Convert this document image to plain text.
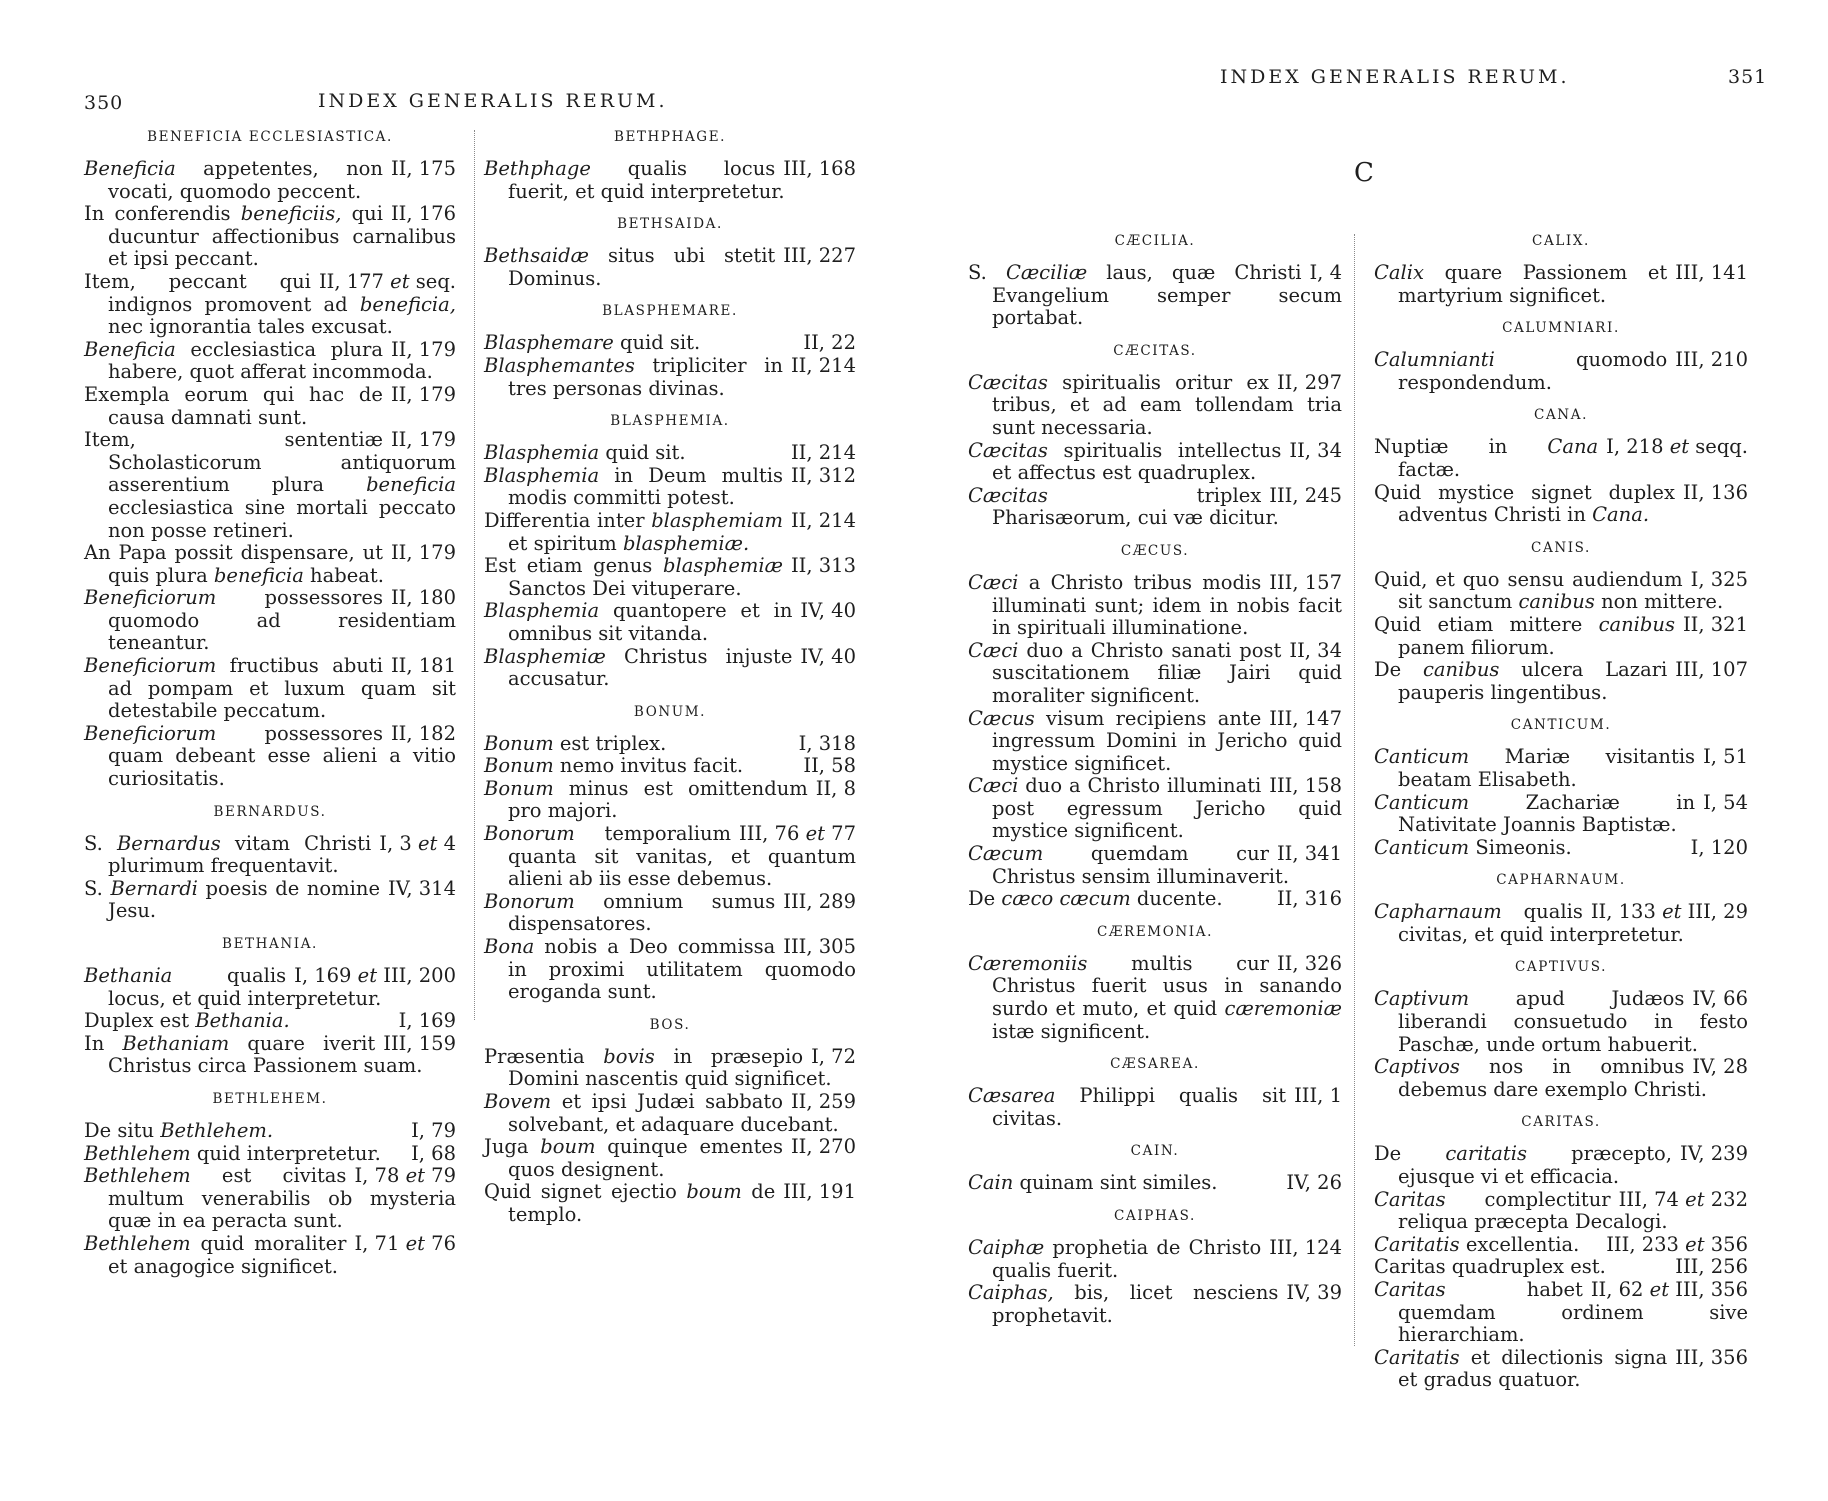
350	INDEX GENERALIS RERUM.
BENEFICIA ECCLESIASTICA.
II, 175
Beneficia appetentes, non vocati, quomodo peccent.
II, 176
In conferendis beneficiis, qui ducuntur affectionibus carnalibus et ipsi peccant.
II, 177 et seq.
Item, peccant qui indignos promovent ad beneficia, nec ignorantia tales excusat.
II, 179
Beneficia ecclesiastica plura habere, quot afferat incommoda.
II, 179
Exempla eorum qui hac de causa damnati sunt.
II, 179
Item, sententiæ Scholasticorum antiquorum asserentium plura beneficia ecclesiastica sine mortali peccato non posse retineri.
II, 179
An Papa possit dispensare, ut quis plura beneficia habeat.
II, 180
Beneficiorum possessores quomodo ad residentiam teneantur.
II, 181
Beneficiorum fructibus abuti ad pompam et luxum quam sit detestabile peccatum.
II, 182
Beneficiorum possessores quam debeant esse alieni a vitio curiositatis.
BERNARDUS.
I, 3 et 4
S. Bernardus vitam Christi plurimum frequentavit.
IV, 314
S. Bernardi poesis de nomine Jesu.
BETHANIA.
I, 169 et III, 200
Bethania qualis locus, et quid interpretetur.
I, 169
Duplex est Bethania.
III, 159
In Bethaniam quare iverit Christus circa Passionem suam.
BETHLEHEM.
I, 79
De situ Bethlehem.
I, 68
Bethlehem quid interpretetur.
I, 78 et 79
Bethlehem est civitas multum venerabilis ob mysteria quæ in ea peracta sunt.
I, 71 et 76
Bethlehem quid moraliter et anagogice significet.
BETHPHAGE.
III, 168
Bethphage qualis locus fuerit, et quid interpretetur.
BETHSAIDA.
III, 227
Bethsaidæ situs ubi stetit Dominus.
BLASPHEMARE.
II, 22
Blasphemare quid sit.
II, 214
Blasphemantes tripliciter in tres personas divinas.
BLASPHEMIA.
II, 214
Blasphemia quid sit.
II, 312
Blasphemia in Deum multis modis committi potest.
II, 214
Differentia inter blasphemiam et spiritum blasphemiæ.
II, 313
Est etiam genus blasphemiæ Sanctos Dei vituperare.
IV, 40
Blasphemia quantopere et in omnibus sit vitanda.
IV, 40
Blasphemiæ Christus injuste accusatur.
BONUM.
I, 318
Bonum est triplex.
II, 58
Bonum nemo invitus facit.
II, 8
Bonum minus est omittendum pro majori.
III, 76 et 77
Bonorum temporalium quanta sit vanitas, et quantum alieni ab iis esse debemus.
III, 289
Bonorum omnium sumus dispensatores.
III, 305
Bona nobis a Deo commissa in proximi utilitatem quomodo eroganda sunt.
BOS.
I, 72
Præsentia bovis in præsepio Domini nascentis quid significet.
II, 259
Bovem et ipsi Judæi sabbato solvebant, et adaquare ducebant.
II, 270
Juga boum quinque ementes quos designent.
III, 191
Quid signet ejectio boum de templo.
INDEX GENERALIS RERUM.	351
C
CÆCILIA.
I, 4
S. Cæciliæ laus, quæ Christi Evangelium semper secum portabat.
CÆCITAS.
II, 297
Cæcitas spiritualis oritur ex tribus, et ad eam tollendam tria sunt necessaria.
II, 34
Cæcitas spiritualis intellectus et affectus est quadruplex.
III, 245
Cæcitas triplex Pharisæorum, cui væ dicitur.
CÆCUS.
III, 157
Cæci a Christo tribus modis illuminati sunt; idem in nobis facit in spirituali illuminatione.
II, 34
Cæci duo a Christo sanati post suscitationem filiæ Jairi quid moraliter significent.
III, 147
Cæcus visum recipiens ante ingressum Domini in Jericho quid mystice significet.
III, 158
Cæci duo a Christo illuminati post egressum Jericho quid mystice significent.
II, 341
Cæcum quemdam cur Christus sensim illuminaverit.
II, 316
De cæco cæcum ducente.
CÆREMONIA.
II, 326
Cæremoniis multis cur Christus fuerit usus in sanando surdo et muto, et quid cæremoniæ istæ significent.
CÆSAREA.
III, 1
Cæsarea Philippi qualis sit civitas.
CAIN.
IV, 26
Cain quinam sint similes.
CAIPHAS.
III, 124
Caiphæ prophetia de Christo qualis fuerit.
IV, 39
Caiphas, bis, licet nesciens prophetavit.
CALIX.
III, 141
Calix quare Passionem et martyrium significet.
CALUMNIARI.
III, 210
Calumnianti quomodo respondendum.
CANA.
I, 218 et seqq.
Nuptiæ in Cana factæ.
II, 136
Quid mystice signet duplex adventus Christi in Cana.
CANIS.
I, 325
Quid, et quo sensu audiendum sit sanctum canibus non mittere.
II, 321
Quid etiam mittere canibus panem filiorum.
III, 107
De canibus ulcera Lazari pauperis lingentibus.
CANTICUM.
I, 51
Canticum Mariæ visitantis beatam Elisabeth.
I, 54
Canticum Zachariæ in Nativitate Joannis Baptistæ.
I, 120
Canticum Simeonis.
CAPHARNAUM.
II, 133 et III, 29
Capharnaum qualis civitas, et quid interpretetur.
CAPTIVUS.
IV, 66
Captivum apud Judæos liberandi consuetudo in festo Paschæ, unde ortum habuerit.
IV, 28
Captivos nos in omnibus debemus dare exemplo Christi.
CARITAS.
IV, 239
De caritatis præcepto, ejusque vi et efficacia.
III, 74 et 232
Caritas complectitur reliqua præcepta Decalogi.
III, 233 et 356
Caritatis excellentia.
III, 256
Caritas quadruplex est.
II, 62 et III, 356
Caritas habet quemdam ordinem sive hierarchiam.
III, 356
Caritatis et dilectionis signa et gradus quatuor.
